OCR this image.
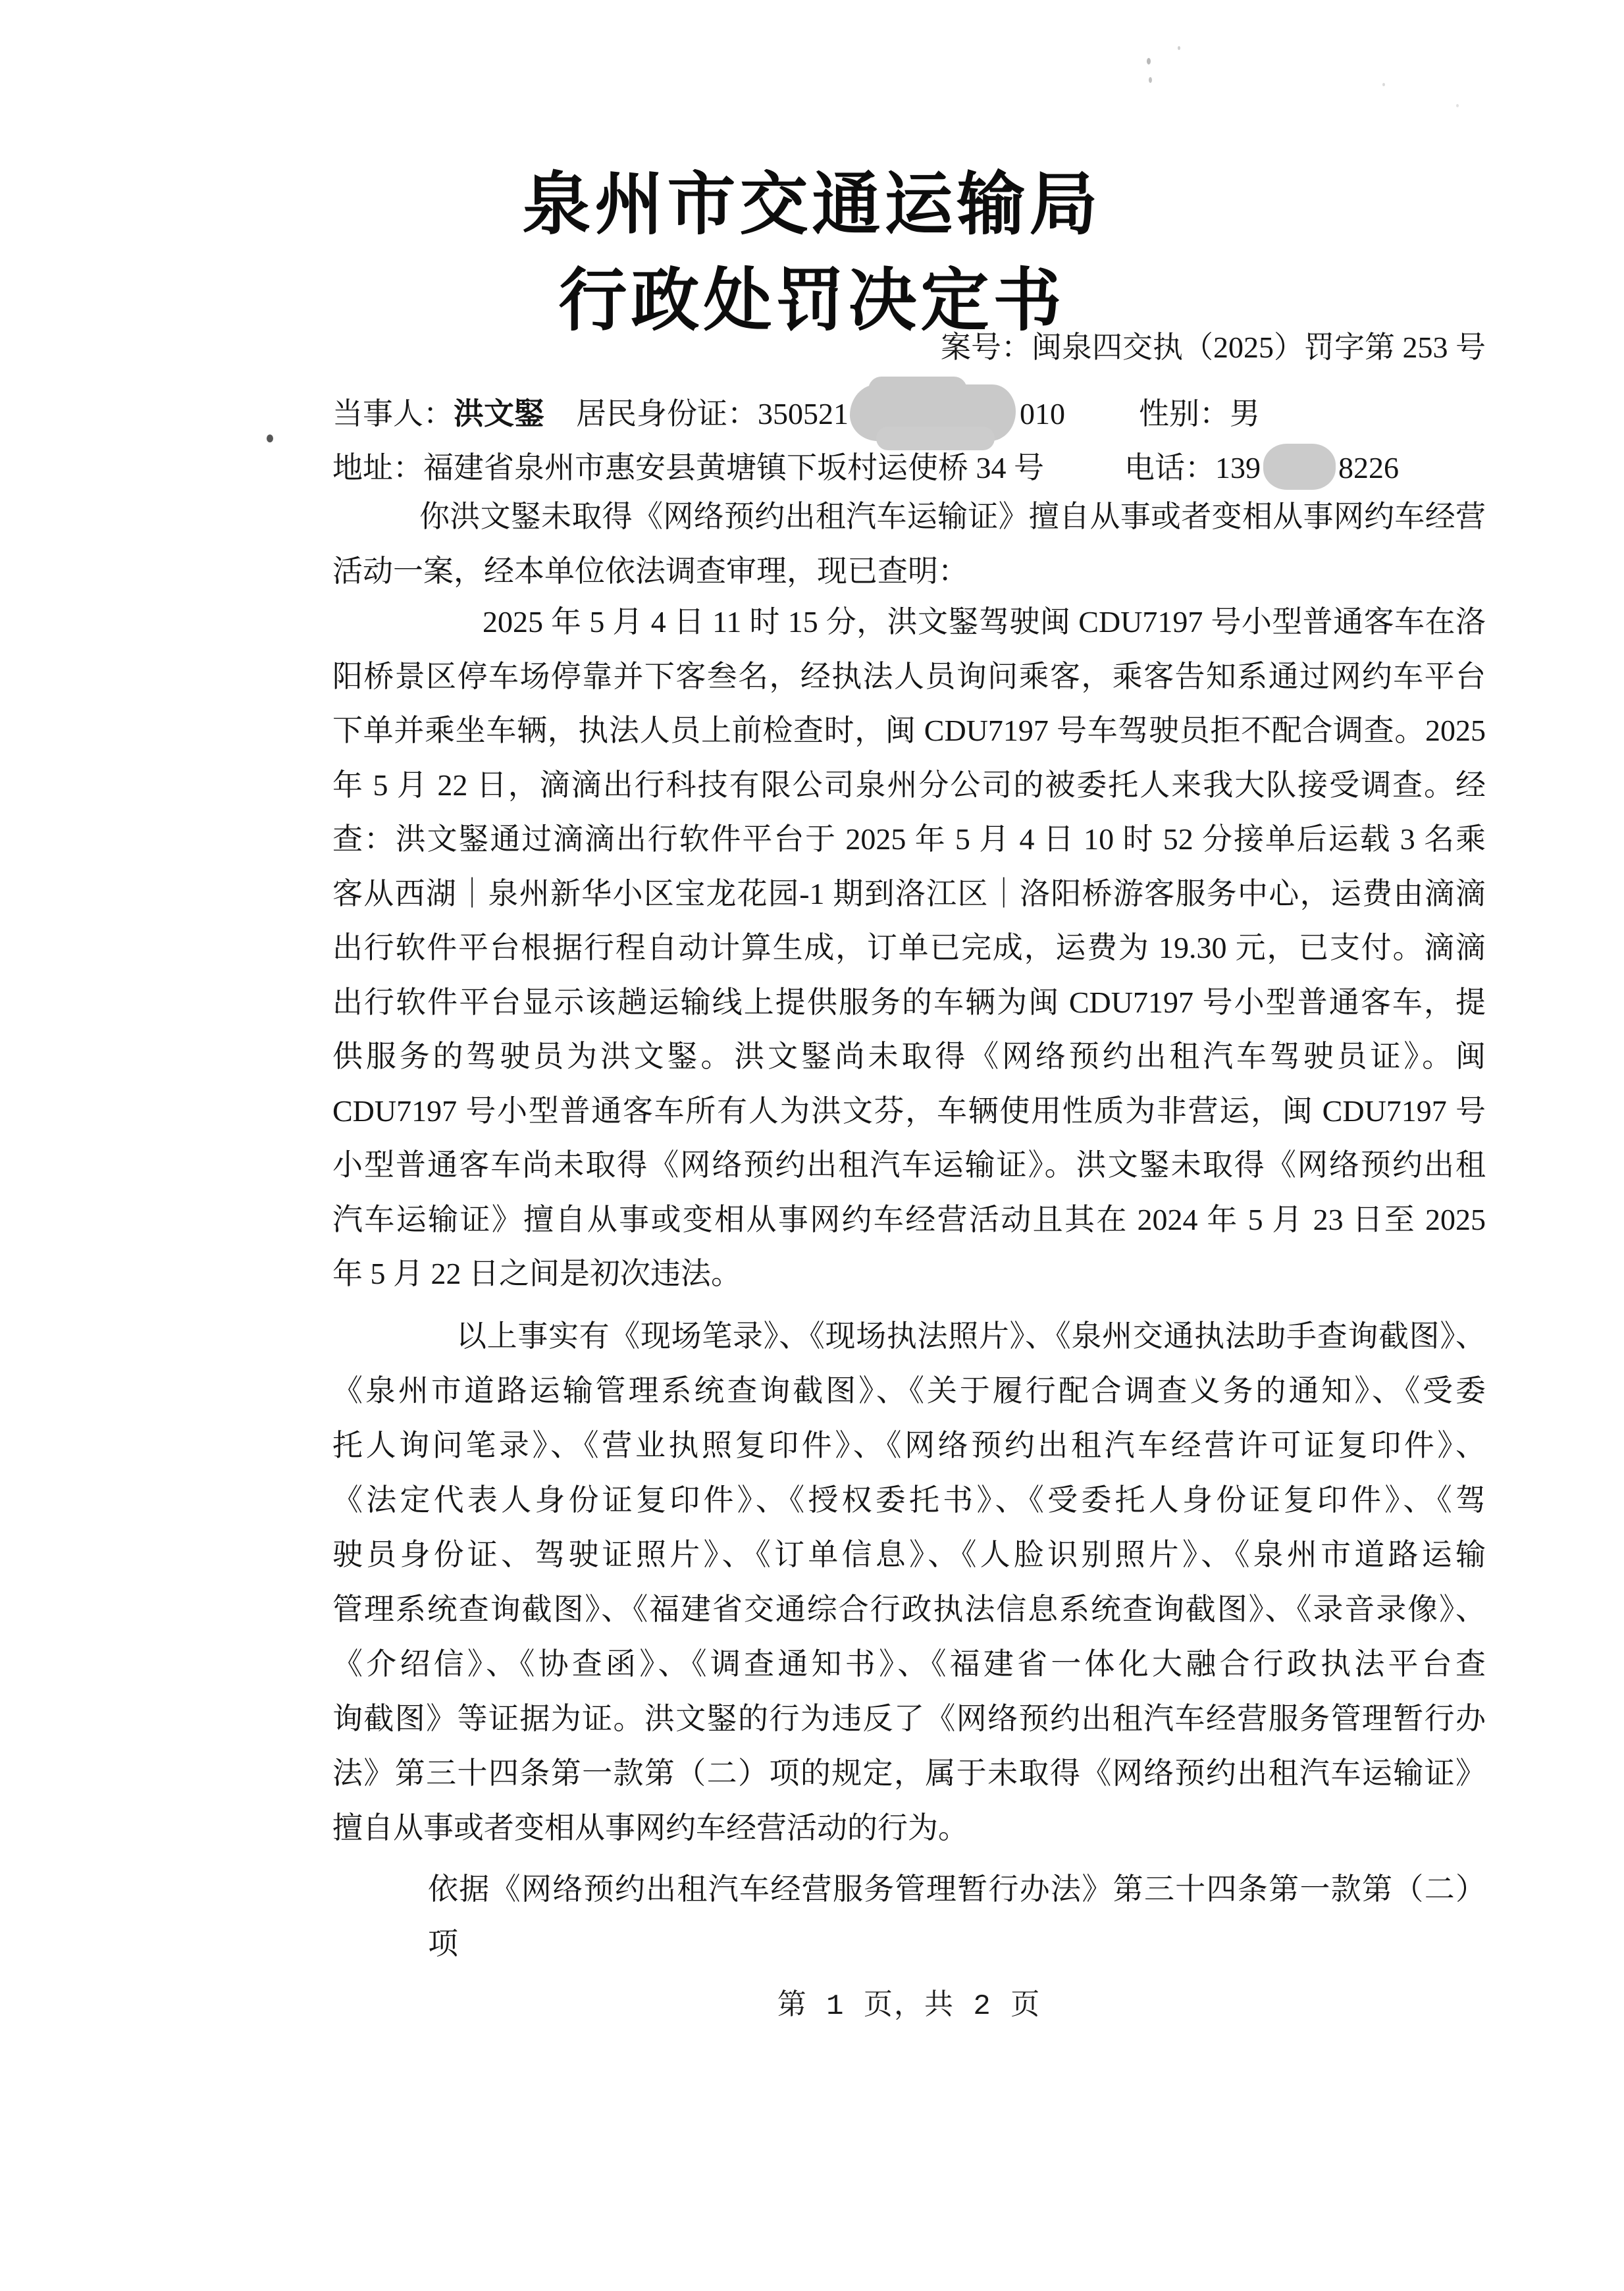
泉州市交通运输局
行政处罚决定书
案号：闽泉四交执（2025）罚字第 253 号
当事人：洪文鋻 居民身份证：350521	010 性别：男
地址：福建省泉州市惠安县黄塘镇下坂村运使桥 34 号	电话：139	8226
你洪文鋻未取得《网络预约出租汽车运输证》擅自从事或者变相从事网约车经营
活动一案，经本单位依法调查审理，现已查明：
2025 年 5 月 4 日 11 时 15 分，洪文鋻驾驶闽 CDU7197 号小型普通客车在洛
阳桥景区停车场停靠并下客叁名，经执法人员询问乘客，乘客告知系通过网约车平台
下单并乘坐车辆，执法人员上前检查时，闽 CDU7197 号车驾驶员拒不配合调查。2025
年 5 月 22 日，滴滴出行科技有限公司泉州分公司的被委托人来我大队接受调查。经
查：洪文鋻通过滴滴出行软件平台于 2025 年 5 月 4 日 10 时 52 分接单后运载 3 名乘
客从西湖｜泉州新华小区宝龙花园-1 期到洛江区｜洛阳桥游客服务中心，运费由滴滴
出行软件平台根据行程自动计算生成，订单已完成，运费为 19.30 元，已支付。滴滴
出行软件平台显示该趟运输线上提供服务的车辆为闽 CDU7197 号小型普通客车，提
供服务的驾驶员为洪文鋻。洪文鋻尚未取得《网络预约出租汽车驾驶员证》。闽
CDU7197 号小型普通客车所有人为洪文芬，车辆使用性质为非营运，闽 CDU7197 号
小型普通客车尚未取得《网络预约出租汽车运输证》。洪文鋻未取得《网络预约出租
汽车运输证》擅自从事或变相从事网约车经营活动且其在 2024 年 5 月 23 日至 2025
年 5 月 22 日之间是初次违法。
以上事实有《现场笔录》、《现场执法照片》、《泉州交通执法助手查询截图》、
《泉州市道路运输管理系统查询截图》、《关于履行配合调查义务的通知》、《受委
托人询问笔录》、《营业执照复印件》、《网络预约出租汽车经营许可证复印件》、
《法定代表人身份证复印件》、《授权委托书》、《受委托人身份证复印件》、《驾
驶员身份证、驾驶证照片》、《订单信息》、《人脸识别照片》、《泉州市道路运输
管理系统查询截图》、《福建省交通综合行政执法信息系统查询截图》、《录音录像》、
《介绍信》、《协查函》、《调查通知书》、《福建省一体化大融合行政执法平台查
询截图》等证据为证。洪文鋻的行为违反了《网络预约出租汽车经营服务管理暂行办
法》第三十四条第一款第（二）项的规定，属于未取得《网络预约出租汽车运输证》
擅自从事或者变相从事网约车经营活动的行为。
依据《网络预约出租汽车经营服务管理暂行办法》第三十四条第一款第（二）项
第 1 页，共 2 页
